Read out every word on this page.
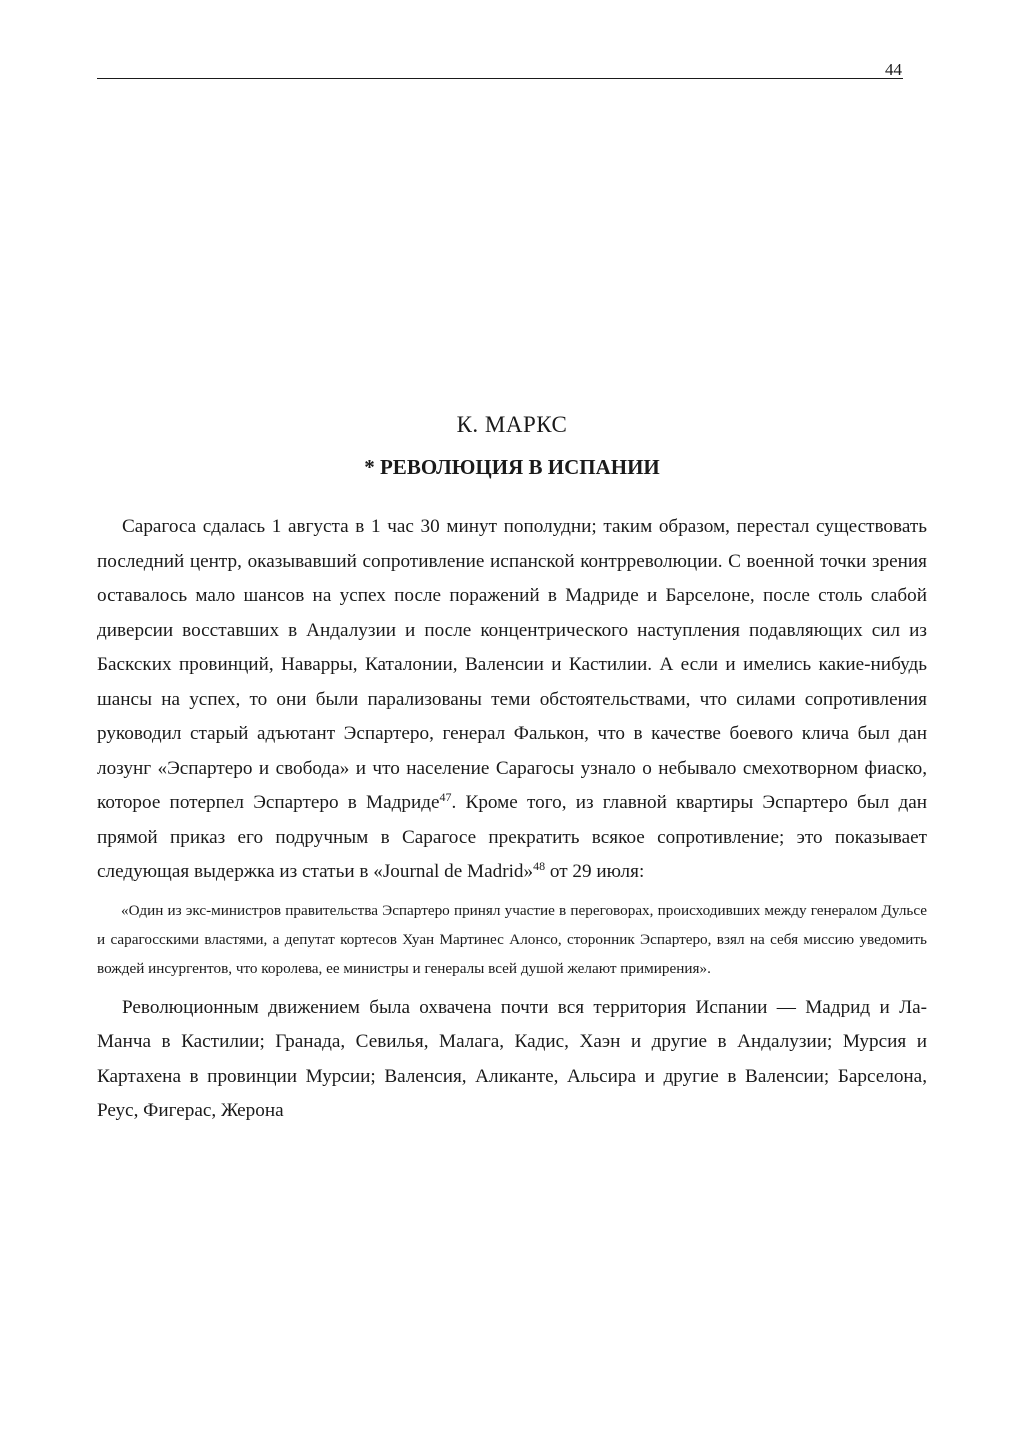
44
К. МАРКС
* РЕВОЛЮЦИЯ В ИСПАНИИ

Сарагоса сдалась 1 августа в 1 час 30 минут пополудни; таким образом, перестал существовать последний центр, оказывавший сопротивление испанской контрреволюции. С военной точки зрения оставалось мало шансов на успех после поражений в Мадриде и Барселоне, после столь слабой диверсии восставших в Андалузии и после концентрического наступления подавляющих сил из Баскских провинций, Наварры, Каталонии, Валенсии и Кастилии. А если и имелись какие-нибудь шансы на успех, то они были парализованы теми обстоятельствами, что силами сопротивления руководил старый адъютант Эспартеро, генерал Фалькон, что в качестве боевого клича был дан лозунг «Эспартеро и свобода» и что население Сарагосы узнало о небывало смехотворном фиаско, которое потерпел Эспартеро в Мадриде$^{47}$. Кроме того, из главной квартиры Эспартеро был дан прямой приказ его подручным в Сарагосе прекратить всякое сопротивление; это показывает следующая выдержка из статьи в «Journal de Madrid»$^{48}$ от 29 июля:

«Один из экс-министров правительства Эспартеро принял участие в переговорах, происходивших между генералом Дульсе и сарагосскими властями, а депутат кортесов Хуан Мартинес Алонсо, сторонник Эспартеро, взял на себя миссию уведомить вождей инсургентов, что королева, ее министры и генералы всей душой желают примирения».

Революционным движением была охвачена почти вся территория Испании — Мадрид и Ла-Манча в Кастилии; Гранада, Севилья, Малага, Кадис, Хаэн и другие в Андалузии; Мурсия и Картахена в провинции Мурсии; Валенсия, Аликанте, Альсира и другие в Валенсии; Барселона, Реус, Фигерас, Жерона
